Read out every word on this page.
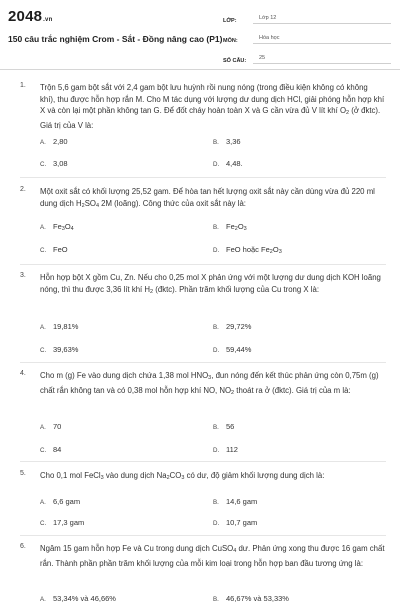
2048.vn
150 câu trắc nghiệm Crom - Sắt - Đồng nâng cao (P1)
LỚP:	Lớp 12
MÔN:	Hóa học
SỐ CÂU:	25
1. Trộn 5,6 gam bột sắt với 2,4 gam bột lưu huỳnh rồi nung nóng (trong điều kiện không có không khí), thu được hỗn hợp rắn M. Cho M tác dụng với lượng dư dung dịch HCl, giải phóng hỗn hợp khí X và còn lại một phần không tan G. Để đốt cháy hoàn toàn X và G cần vừa đủ V lít khí $O_2$ (ở đktc). Giá trị của V là:
A. 2,80	B. 3,36
C. 3,08	D. 4,48.
2. Một oxit sắt có khối lượng 25,52 gam. Để hòa tan hết lượng oxit sắt này cần dùng vừa đủ 220 ml dung dịch $H_2SO_4$ 2M (loãng). Công thức của oxit sắt này là:
A. $Fe_3O_4$	B. $Fe_2O_3$
C. FeO	D. FeO hoặc $Fe_2O_3$
3. Hỗn hợp bột X gồm Cu, Zn. Nếu cho 0,25 mol X phản ứng với một lượng dư dung dịch KOH loãng nóng, thì thu được 3,36 lít khí $H_2$ (đktc). Phần trăm khối lượng của Cu trong X là:
A. 19,81%	B. 29,72%
C. 39,63%	D. 59,44%
4. Cho m (g) Fe vào dung dịch chứa 1,38 mol $HNO_3$, đun nóng đến kết thúc phản ứng còn 0,75m (g) chất rắn không tan và có 0,38 mol hỗn hợp khí NO, $NO_2$ thoát ra ở (đktc). Giá trị của m là:
A. 70	B. 56
C. 84	D. 112
5. Cho 0,1 mol FeCl$_3$ vào dung dịch $Na_2CO_3$ có dư, độ giảm khối lượng dung dịch là:
A. 6,6 gam	B. 14,6 gam
C. 17,3 gam	D. 10,7 gam
6. Ngâm 15 gam hỗn hợp Fe và Cu trong dung dịch CuSO$_4$ dư. Phản ứng xong thu được 16 gam chất rắn. Thành phần phần trăm khối lượng của mỗi kim loại trong hỗn hợp ban đầu tương ứng là:
A. 53,34% và 46,66%	B. 46,67% và 53,33%
